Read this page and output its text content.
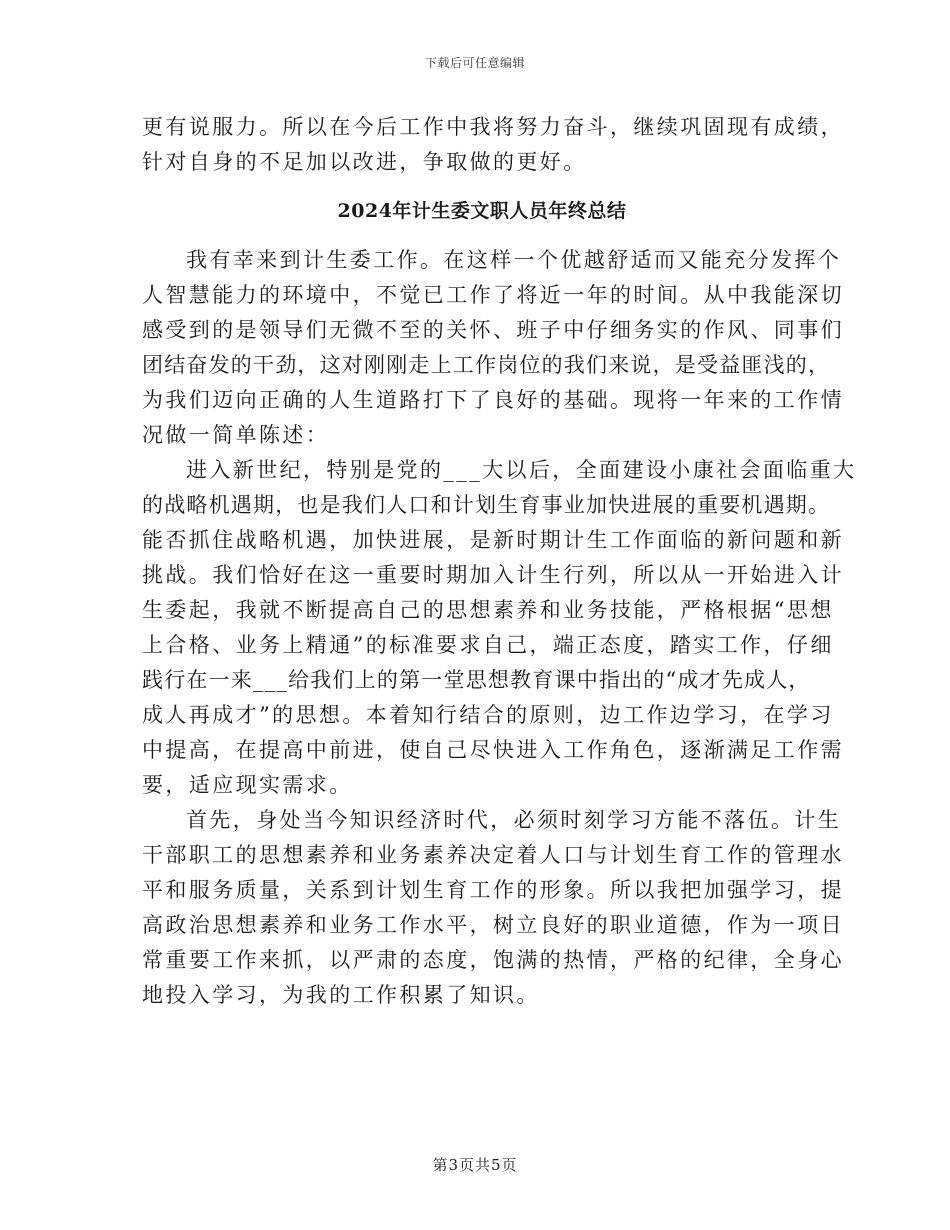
下载后可任意编辑
更有说服力。所以在今后工作中我将努力奋斗，继续巩固现有成绩，
针对自身的不足加以改进，争取做的更好。
2024年计生委文职人员年终总结
我有幸来到计生委工作。在这样一个优越舒适而又能充分发挥个
人智慧能力的环境中，不觉已工作了将近一年的时间。从中我能深切
感受到的是领导们无微不至的关怀、班子中仔细务实的作风、同事们
团结奋发的干劲，这对刚刚走上工作岗位的我们来说，是受益匪浅的，
为我们迈向正确的人生道路打下了良好的基础。现将一年来的工作情
况做一简单陈述：
进入新世纪，特别是党的___大以后，全面建设小康社会面临重大
的战略机遇期，也是我们人口和计划生育事业加快进展的重要机遇期。
能否抓住战略机遇，加快进展，是新时期计生工作面临的新问题和新
挑战。我们恰好在这一重要时期加入计生行列，所以从一开始进入计
生委起，我就不断提高自己的思想素养和业务技能，严格根据“思想
上合格、业务上精通”的标准要求自己，端正态度，踏实工作，仔细
践行在一来___给我们上的第一堂思想教育课中指出的“成才先成人，
成人再成才”的思想。本着知行结合的原则，边工作边学习，在学习
中提高，在提高中前进，使自己尽快进入工作角色，逐渐满足工作需
要，适应现实需求。
首先，身处当今知识经济时代，必须时刻学习方能不落伍。计生
干部职工的思想素养和业务素养决定着人口与计划生育工作的管理水
平和服务质量，关系到计划生育工作的形象。所以我把加强学习，提
高政治思想素养和业务工作水平，树立良好的职业道德，作为一项日
常重要工作来抓，以严肃的态度，饱满的热情，严格的纪律，全身心
地投入学习，为我的工作积累了知识。
第3页共5页
